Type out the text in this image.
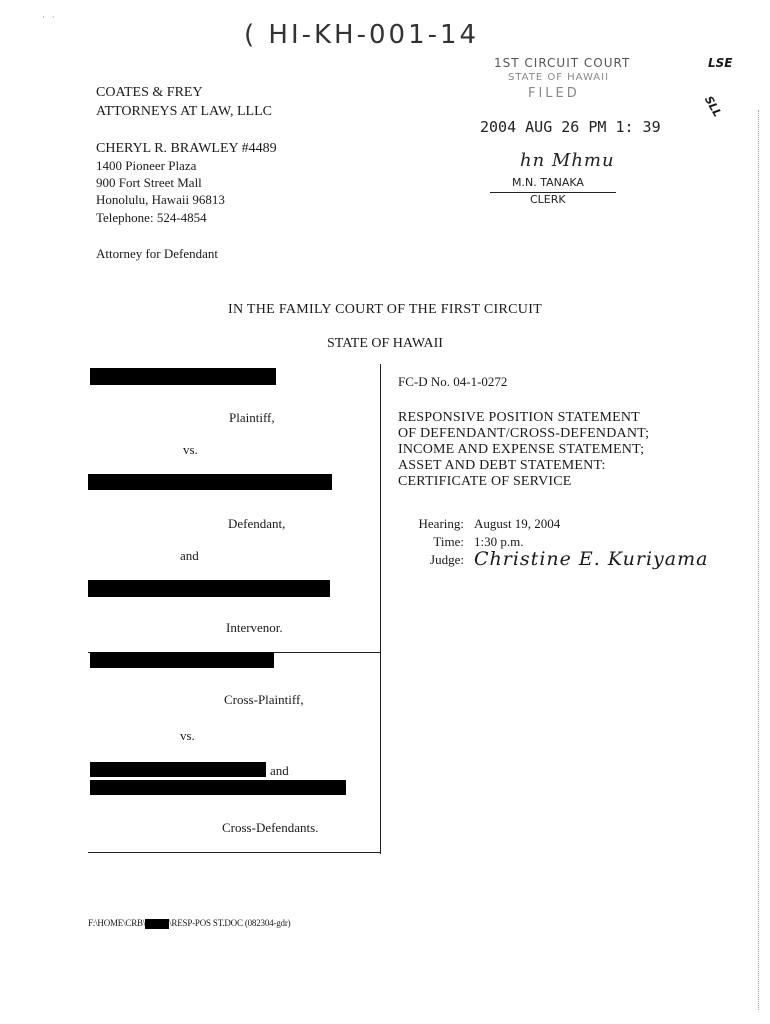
( HI-KH-001-14
·   ·
COATES & FREY
ATTORNEYS AT LAW, LLLC
CHERYL R. BRAWLEY #4489
1400 Pioneer Plaza
900 Fort Street Mall
Honolulu, Hawaii 96813
Telephone: 524-4854
Attorney for Defendant
1ST CIRCUIT COURT
STATE OF HAWAII
FILED
2004 AUG 26 PM 1: 39
hn Mhmu
M.N. TANAKA
CLERK
LSE
SLL
IN THE FAMILY COURT OF THE FIRST CIRCUIT
STATE OF HAWAII
Plaintiff,
vs.
Defendant,
and
Intervenor.
Cross-Plaintiff,
vs.
and
Cross-Defendants.
FC-D No. 04-1-0272
RESPONSIVE POSITION STATEMENT
OF DEFENDANT/CROSS-DEFENDANT;
INCOME AND EXPENSE STATEMENT;
ASSET AND DEBT STATEMENT:
CERTIFICATE OF SERVICE
Hearing: August 19, 2004
Time: 1:30 p.m.
Judge: Christine E. Kuriyama
F:\HOME\CRB\	\RESP-POS ST.DOC (082304-gdr)
